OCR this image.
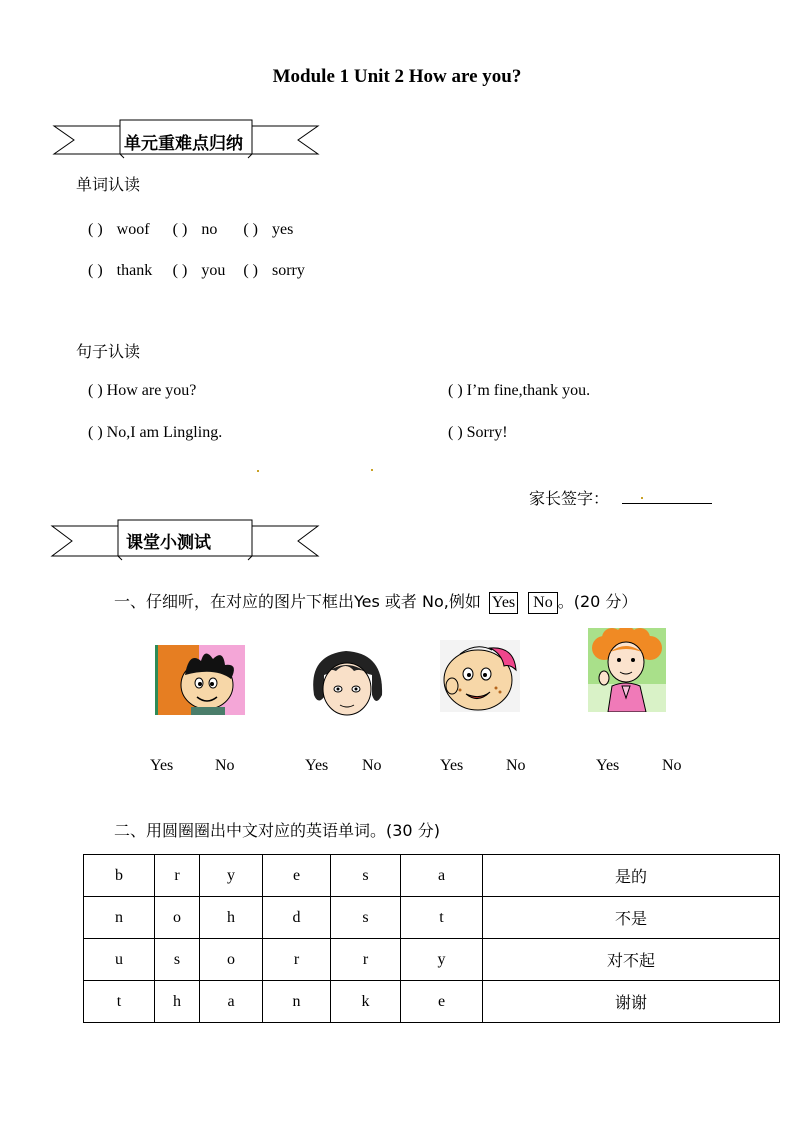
Module 1 Unit 2 How are you?
单元重难点归纳
单词认读
( ) woof ( ) no ( ) yes
( ) thank ( ) you ( ) sorry
句子认读
( ) How are you?	( ) I’m fine,thank you.
( ) No,I am Lingling.	( ) Sorry!
家长签字：
课堂小测试
一、仔细听，在对应的图片下框出Yes 或者 No,例如 Yes No 。(20 分）
Yes	No	Yes No	Yes	No	Yes	No
二、用圆圈圈出中文对应的英语单词。(30 分)
b	r	y	e	s	a	是的
n	o	h	d	s	t	不是
u	s	o	r	r	y	对不起
t	h	a	n	k	e	谢谢
